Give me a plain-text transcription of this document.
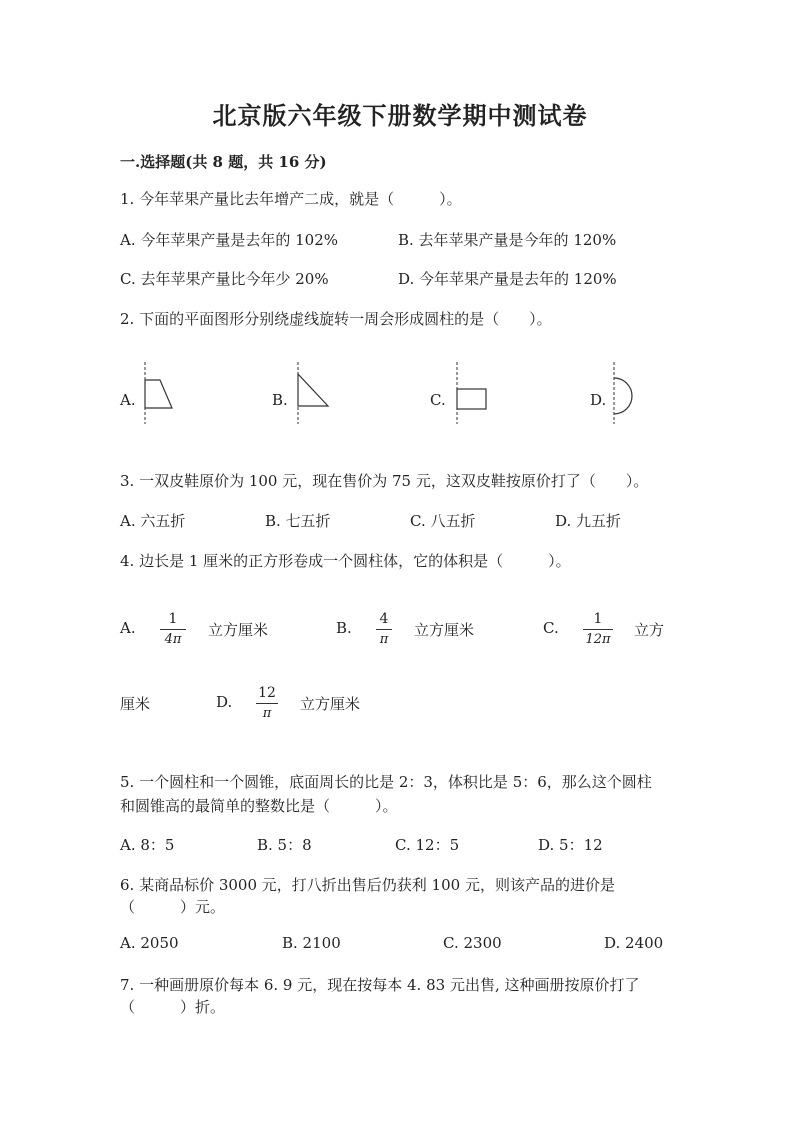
北京版六年级下册数学期中测试卷
一.选择题(共 8 题，共 16 分)
1. 今年苹果产量比去年增产二成，就是（　　　）。
A. 今年苹果产量是去年的 102%	B. 去年苹果产量是今年的 120%
C. 去年苹果产量比今年少 20%	D. 今年苹果产量是去年的 120%
2. 下面的平面图形分别绕虚线旋转一周会形成圆柱的是（　　）。
A.	B.	C.	D.
3. 一双皮鞋原价为 100 元，现在售价为 75 元，这双皮鞋按原价打了（　　）。
A. 六五折	B. 七五折	C. 八五折	D. 九五折
4. 边长是 1 厘米的正方形卷成一个圆柱体，它的体积是（　　　）。
A.	1
4π
立方厘米	B. 4
π
立方厘米	C.	1
12π
立方
厘米	D. 12
π
立方厘米
5. 一个圆柱和一个圆锥，底面周长的比是 2：3，体积比是 5：6，那么这个圆柱
和圆锥高的最简单的整数比是（　　　）。
A. 8：5	B. 5：8	C. 12：5	D. 5：12
6. 某商品标价 3000 元，打八折出售后仍获利 100 元，则该产品的进价是
（　　　）元。
A. 2050	B. 2100	C. 2300	D. 2400
7. 一种画册原价每本 6. 9 元，现在按每本 4. 83 元出售, 这种画册按原价打了
（　　　）折。
